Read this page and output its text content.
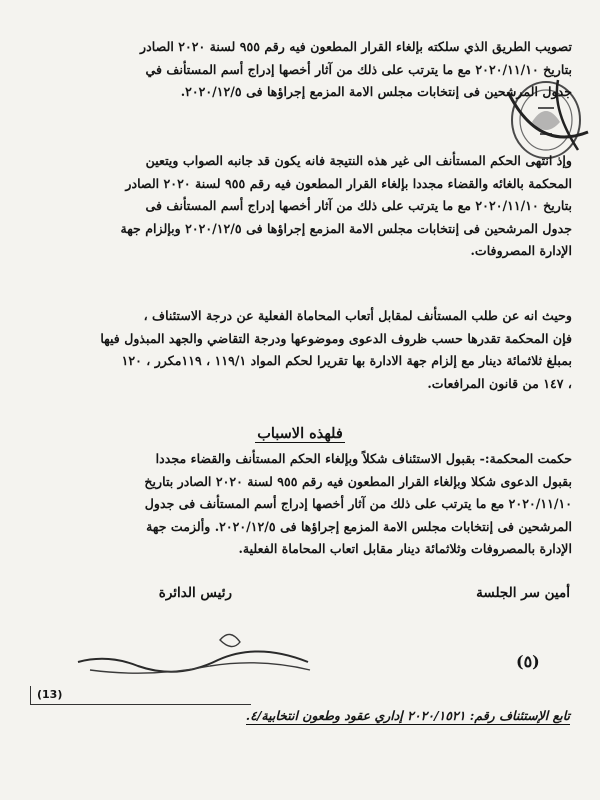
تصويب الطريق الذي سلكته بإلغاء القرار المطعون فيه رقم ٩٥٥ لسنة ٢٠٢٠ الصادر
بتاريخ ٢٠٢٠/١١/١٠ مع ما يترتب على ذلك من آثار أخصها إدراج أسم المستأنف في
جدول المرشحين فى إنتخابات مجلس الامة المزمع إجراؤها فى ٢٠٢٠/١٢/٥.
وإذ انتهى الحكم المستأنف الى غير هذه النتيجة فانه يكون قد جانبه الصواب ويتعين
المحكمة بالغائه والقضاء مجددا بإلغاء القرار المطعون فيه رقم ٩٥٥ لسنة ٢٠٢٠ الصادر
بتاريخ ٢٠٢٠/١١/١٠ مع ما يترتب على ذلك من آثار أخصها إدراج أسم المستأنف فى
جدول المرشحين فى إنتخابات مجلس الامة المزمع إجراؤها فى ٢٠٢٠/١٢/٥ وبإلزام جهة
الإدارة المصروفات.
وحيث انه عن طلب المستأنف لمقابل أتعاب المحاماة الفعلية عن درجة الاستئناف ،
فإن المحكمة تقدرها حسب ظروف الدعوى وموضوعها ودرجة التقاضي والجهد المبذول فيها
بمبلغ ثلاثمائة دينار مع إلزام جهة الادارة بها تقريرا لحكم المواد ١١٩/١ ، ١١٩مكرر ، ١٢٠
، ١٤٧ من قانون المرافعات.
فلهذه الاسباب
حكمت المحكمة:- بقبول الاستئناف شكلاً وبإلغاء الحكم المستأنف والقضاء مجددا
بقبول الدعوى شكلا وبإلغاء القرار المطعون فيه رقم ٩٥٥ لسنة ٢٠٢٠ الصادر بتاريخ
٢٠٢٠/١١/١٠ مع ما يترتب على ذلك من آثار أخصها إدراج أسم المستأنف فى جدول
المرشحين فى إنتخابات مجلس الامة المزمع إجراؤها فى ٢٠٢٠/١٢/٥. وألزمت جهة
الإدارة بالمصروفات وثلاثمائة دينار مقابل اتعاب المحاماة الفعلية.
أمين سر الجلسة
رئيس الدائرة
(٥)
(13)
تابع الإستئناف رقم: ٢٠٢٠/١٥٢١ إداري عقود وطعون انتخابية/٤.
